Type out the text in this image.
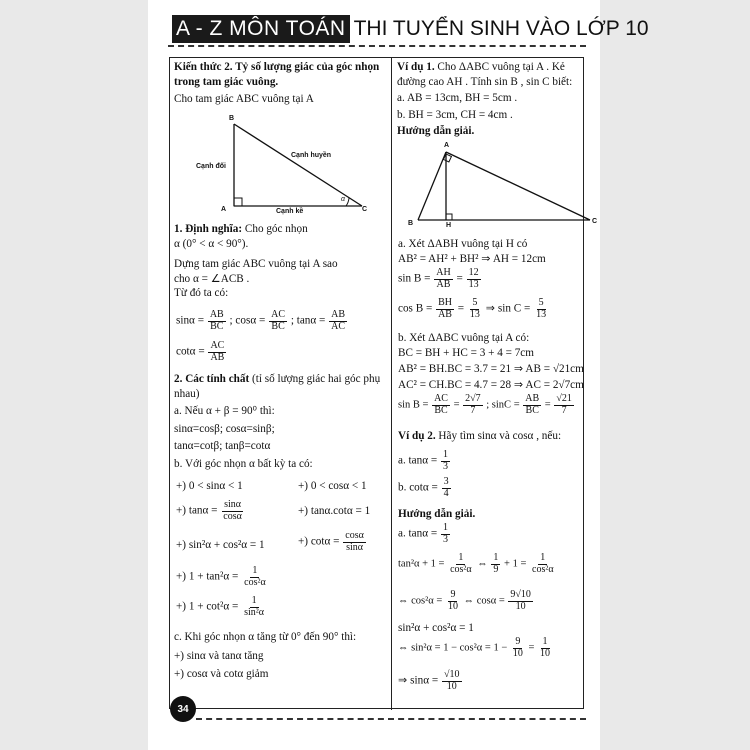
A - Z MÔN TOÁN THI TUYỂN SINH VÀO LỚP 10

Kiến thức 2. Tỷ số lượng giác của góc nhọn trong tam giác vuông.

Cho tam giác ABC vuông tại A

B
A	C
Cạnh huyền
Cạnh đối
Cạnh kề
α

1. Định nghĩa: Cho góc nhọn

α (0° < α < 90°).

Dựng tam giác ABC vuông tại A sao

cho α = ∠ACB .

Từ đó ta có:

$\sin\alpha = \frac{AB}{BC}$ ; $\cos\alpha = \frac{AC}{BC}$ ; $\tan\alpha = \frac{AB}{AC}$
$\cot\alpha = \frac{AC}{AB}$

2. Các tính chất (tỉ số lượng giác hai góc phụ nhau)

a. Nếu α + β = 90⁰ thì:

sinα=cosβ; cosα=sinβ;

tanα=cotβ; tanβ=cotα

b. Với góc nhọn α bất kỳ ta có:

+) 0 < sinα < 1	+) 0 < cosα < 1
+) $\tan\alpha = \frac{\sin\alpha}{\cos\alpha}$	+) tanα.cotα = 1
+) sin²α + cos²α = 1	+) $\cot\alpha = \frac{\cos\alpha}{\sin\alpha}$
+) $1 + \tan^2\alpha = \frac{1}{\text{cos²α}}$
+) $1 + \cot^2\alpha = \frac{1}{\text{sin²α}}$

c. Khi góc nhọn α tăng từ 0° đến 90° thì:

+) sinα và tanα tăng

+) cosα và cotα giảm

Ví dụ 1. Cho ΔABC vuông tại A . Kẻ đường cao AH . Tính sin B , sin C biết:

a. AB = 13cm, BH = 5cm .

b. BH = 3cm, CH = 4cm .

Hướng dẫn giải.

A
B	C
H
a. Xét ΔABH vuông tại H có
AB² = AH² + BH² ⇒ AH = 12cm
$\sin B = \frac{AH}{AB} = \frac{12}{13}$
$\cos B = \frac{BH}{AB} = \frac{5}{13}$ ⇒ $\sin C = \frac{5}{13}$
b. Xét ΔABC vuông tại A có:
BC = BH + HC = 3 + 4 = 7cm
AB² = BH.BC = 3.7 = 21 ⇒ AB = √21cm
AC² = CH.BC = 4.7 = 28 ⇒ AC = 2√7cm
$\sin B = \frac{AC}{BC} = \frac{2√7}{7}$ ; $\sin C = \frac{AB}{BC} = \frac{√21}{7}$
Ví dụ 2. Hãy tìm sinα và cosα , nếu:
a. $\tan\alpha = \frac{1}{3}$
b. $\cot\alpha = \frac{3}{4}$
Hướng dẫn giải.
a. $\tan\alpha = \frac{1}{3}$
$\tan^2\alpha + 1 = \frac{1}{\text{cos²α}}$ ⇔ $\frac{1}{9} + 1 = \frac{1}{\text{cos²α}}$
⇔ $\cos^2\alpha = \frac{9}{10}$ ⇔ $\cos\alpha = \frac{9√10}{10}$
sin²α + cos²α = 1
⇔ $\sin^2\alpha = 1 - \cos^2\alpha = 1 - \frac{9}{10} = \frac{1}{10}$
⇒ $\sin\alpha = \frac{√10}{10}$
34
